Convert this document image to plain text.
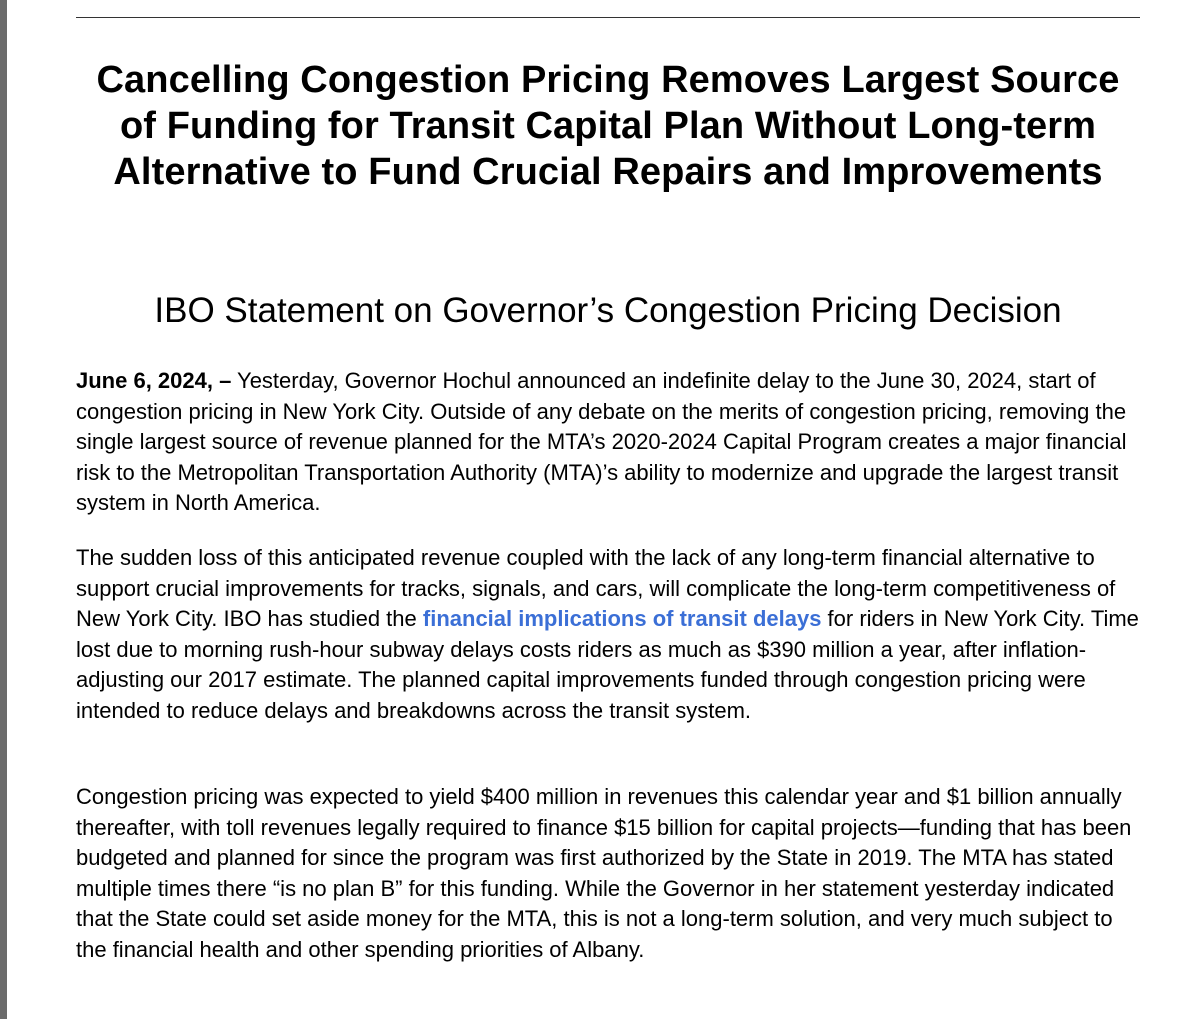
Cancelling Congestion Pricing Removes Largest Source of Funding for Transit Capital Plan Without Long-term Alternative to Fund Crucial Repairs and Improvements
IBO Statement on Governor’s Congestion Pricing Decision

June 6, 2024, – Yesterday, Governor Hochul announced an indefinite delay to the June 30, 2024, start of congestion pricing in New York City. Outside of any debate on the merits of congestion pricing, removing the single largest source of revenue planned for the MTA’s 2020-2024 Capital Program creates a major financial risk to the Metropolitan Transportation Authority (MTA)’s ability to modernize and upgrade the largest transit system in North America.

The sudden loss of this anticipated revenue coupled with the lack of any long-term financial alternative to support crucial improvements for tracks, signals, and cars, will complicate the long-term competitiveness of New York City. IBO has studied the financial implications of transit delays for riders in New York City. Time lost due to morning rush-hour subway delays costs riders as much as $390 million a year, after inflation-adjusting our 2017 estimate. The planned capital improvements funded through congestion pricing were intended to reduce delays and breakdowns across the transit system.

Congestion pricing was expected to yield $400 million in revenues this calendar year and $1 billion annually thereafter, with toll revenues legally required to finance $15 billion for capital projects—funding that has been budgeted and planned for since the program was first authorized by the State in 2019. The MTA has stated multiple times there “is no plan B” for this funding. While the Governor in her statement yesterday indicated that the State could set aside money for the MTA, this is not a long-term solution, and very much subject to the financial health and other spending priorities of Albany.
